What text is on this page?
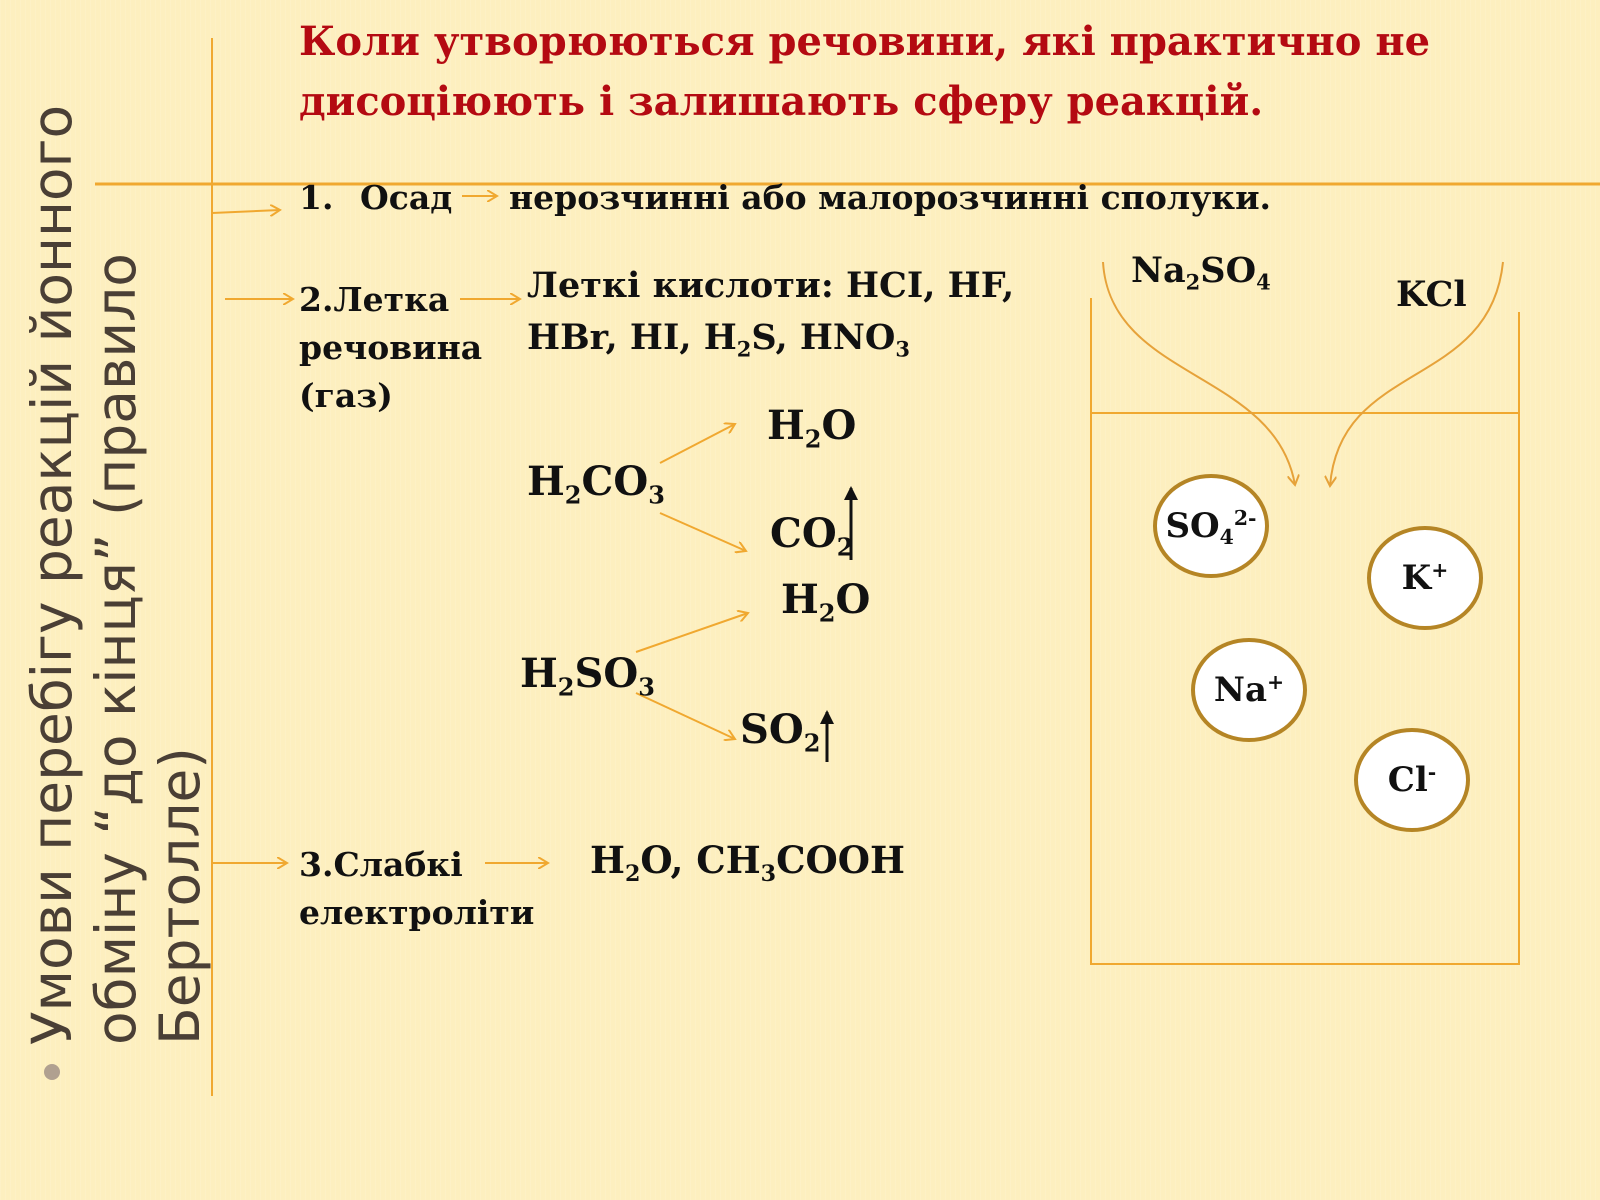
Коли утворюються речовини, які практично не
дисоціюють і залишають сферу реакцій.
Умови перебігу реакцій йонного обміну “до кінця” (правило Бертолле)
1. Осад нерозчинні або малорозчинні сполуки.
2.Летка
речовина
(газ)
Леткі кислоти: HCI, HF,
HBr, HI, $H_2S$, $HNO_3$
$H_2CO_3$
$H_2O$
$CO_2$
$H_2SO_3$
$H_2O$
$SO_2$
3.Слабкі
електроліти
$H_2O$, $CH_3COOH$
$Na_2SO_4$	KCl
$SO_4^{2-}$
K+
Na+
Cl-
